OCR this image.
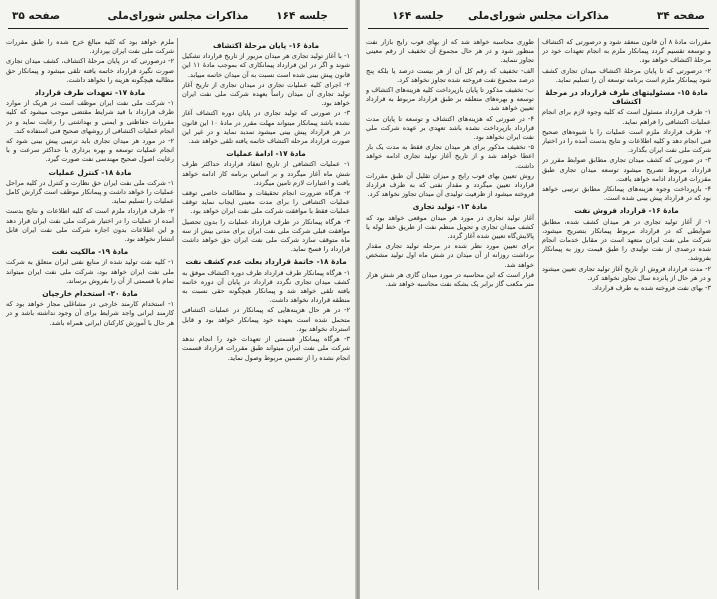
جلسه ۱۶۴
مذاکرات مجلس شورای‌ملی
صفحه ۳۵
مادۀ ۱۶- پایان مرحلۀ اکتشاف

۱- با آغاز تولید تجاری هر میدان مزبور از تاریخ قرارداد تشکیل شوند و اگر در این قرارداد پیمانکاری که بموجب مادۀ ۱۱ این قانون پیش بینی شده است نسبت به آن میدان خاتمه مییابد.

۲- اجرای کلیه عملیات تجاری در میدان تجاری از تاریخ آغاز تولید تجاری آن میدان راساً بعهده شرکت ملی نفت ایران خواهد بود.

۳- در صورتی که تولید تجاری در پایان دوره اکتشاف آغاز نشده باشد پیمانکار میتواند مهلت مقرر در مادۀ ۱۰ این قانون در هر قرارداد پیش بینی میشود تمدید نماید و در غیر این صورت قرارداد مرحله اکتشاف خاتمه یافته تلقی خواهد شد.

مادۀ ۱۷- ادامۀ عملیات

۱- عملیات اکتشافی از تاریخ انعقاد قرارداد حداکثر ظرف شش ماه آغاز میگردد و بر اساس برنامه کار ادامه خواهد یافت و اعتبارات لازم تامین میگردد.

۲- هرگاه ضرورت انجام تحقیقات و مطالعات خاصی توقف عملیات اکتشافی را برای مدت معینی ایجاب نماید توقف عملیات فقط با موافقت شرکت ملی نفت ایران خواهد بود.

۳- هرگاه پیمانکار در طرف قرارداد عملیات را بدون تحصیل موافقت قبلی شرکت ملی نفت ایران برای مدتی بیش از سه ماه متوقف سازد شرکت ملی نفت ایران حق خواهد داشت قرارداد را فسخ نماید.

مادۀ ۱۸- خاتمۀ قرارداد بعلت عدم کشف نفت

۱- هرگاه پیمانکار طرف قرارداد ظرف دوره اکتشاف موفق به کشف میدان تجاری نگردد قرارداد در پایان آن دوره خاتمه یافته تلقی خواهد شد و پیمانکار هیچگونه حقی نسبت به منطقه قرارداد نخواهد داشت.

۲- در هر حال هزینه‌هایی که پیمانکار در عملیات اکتشافی متحمل شده است بعهده خود پیمانکار خواهد بود و قابل استرداد نخواهد بود.

۳- هرگاه پیمانکار قسمتی از تعهدات خود را انجام ندهد شرکت ملی نفت ایران میتواند طبق مقررات قرارداد قسمت انجام نشده را از تضمین مربوط وصول نماید.

ملزم خواهد بود که کلیه مبالغ خرج شده را طبق مقررات شرکت ملی نفت ایران بپردازد.

۲- درصورتی که در پایان مرحلۀ اکتشاف، کشف میدان تجاری صورت نگیرد قرارداد خاتمه یافته تلقی میشود و پیمانکار حق مطالبه هیچگونه هزینه را نخواهد داشت.

مادۀ ۱۷- تعهدات طرف قرارداد

۱- شرکت ملی نفت ایران موظف است در هریک از موارد طرف قرارداد با قید شرایط مقتضی موجب میشود که کلیه مقررات حفاظتی و ایمنی و بهداشتی را رعایت نماید و در انجام عملیات اکتشافی از روشهای صحیح فنی استفاده کند.

۲- در مورد هر میدان تجاری باید ترتیبی پیش بینی شود که انجام عملیات توسعه و بهره برداری با حداکثر سرعت و با رعایت اصول صحیح مهندسی نفت صورت گیرد.

مادۀ ۱۸- کنترل عملیات

۱- شرکت ملی نفت ایران حق نظارت و کنترل در کلیه مراحل عملیات را خواهد داشت و پیمانکار موظف است گزارش کامل عملیات را تسلیم نماید.

۲- طرف قرارداد ملزم است که کلیه اطلاعات و نتایج بدست آمده از عملیات را در اختیار شرکت ملی نفت ایران قرار دهد و این اطلاعات بدون اجازه شرکت ملی نفت ایران قابل انتشار نخواهد بود.

مادۀ ۱۹- مالکیت نفت

۱- کلیه نفت تولید شده از منابع نفتی ایران متعلق به شرکت ملی نفت ایران خواهد بود، شرکت ملی نفت ایران میتواند تمام یا قسمتی از آن را بفروش برساند.

مادۀ ۲۰- استخدام خارجیان

۱- استخدام کارمند خارجی در مشاغلی مجاز خواهد بود که کارمند ایرانی واجد شرایط برای آن وجود نداشته باشد و در هر حال با آموزش کارکنان ایرانی همراه باشد.

صفحه ۳۴
مذاکرات مجلس شورای‌ملی
جلسه ۱۶۴

مقررات مادۀ ۸ آن قانون منعقد شود و درصورتی که اکتشاف و توسعه تقسیم گردد پیمانکار ملزم به انجام تعهدات خود در مرحلۀ اکتشاف خواهد بود.

۲- درصورتی که تا پایان مرحلۀ اکتشاف میدان تجاری کشف شود پیمانکار ملزم است برنامه توسعه آن را تسلیم نماید.

مادۀ ۱۵- مسئولیتهای طرف قرارداد در مرحلۀ اکتشاف

۱- طرف قرارداد مسئول است که کلیه وجوه لازم برای انجام عملیات اکتشافی را فراهم نماید.

۲- طرف قرارداد ملزم است عملیات را با شیوه‌های صحیح فنی انجام دهد و کلیه اطلاعات و نتایج بدست آمده را در اختیار شرکت ملی نفت ایران بگذارد.

۳- در صورتی که کشف میدان تجاری مطابق ضوابط مقرر در قرارداد مربوط تصریح میشود توسعه میدان تجاری طبق مقررات قرارداد ادامه خواهد یافت.

۴- بازپرداخت وجوه هزینه‌های پیمانکار مطابق ترتیبی خواهد بود که در قرارداد پیش بینی شده است.

مادۀ ۱۶- قرارداد فروش نفت

۱- از آغاز تولید تجاری در هر میدان کشف شده، مطابق ضوابطی که در قرارداد مربوط پیمانکار بتصریح میشود، شرکت ملی نفت ایران متعهد است در مقابل خدمات انجام شده درصدی از نفت تولیدی را طبق قیمت روز به پیمانکار بفروشد.

۲- مدت قرارداد فروش از تاریخ آغاز تولید تجاری تعیین میشود و در هر حال از پانزده سال تجاوز نخواهد کرد.

۳- بهای نفت فروخته شده به طرف قرارداد.

طوری محاسبه خواهد شد که از بهای فوب رایج بازار نفت منظور شود و در هر حال مجموع آن تخفیف از رقم معینی تجاوز ننماید.

الف- تخفیف که رقم کل آن از هر بیست درصد یا بلکه پنج درصد مجموع نفت فروخته شده تجاوز نخواهد کرد.

ب- تخفیف مذکور تا پایان بازپرداخت کلیه هزینه‌های اکتشاف و توسعه و بهره‌های متعلقه بر طبق قرارداد مربوط به قرارداد تعیین خواهد شد.

۴- در صورتی که هزینه‌های اکتشاف و توسعه تا پایان مدت قرارداد بازپرداخت نشده باشد تعهدی بر عهده شرکت ملی نفت ایران نخواهد بود.

۵- تخفیف مذکور برای هر میدان تجاری فقط به مدت یک بار اعطا خواهد شد و از تاریخ آغاز تولید تجاری ادامه خواهد داشت.

روش تعیین بهای فوب رایج و میزان تقلیل آن طبق مقررات قرارداد تعیین میگردد و مقدار نفتی که به طرف قرارداد فروخته میشود از ظرفیت تولیدی آن میدان تجاوز نخواهد کرد.

مادۀ ۱۳- تولید تجاری

آغاز تولید تجاری در مورد هر میدان موقعی خواهد بود که کشف میدان تجاری و تحویل منظم نفت از طریق خط لوله یا پالایش‌گاه تعیین شده آغاز گردد.

برای تعیین مورد نظر شده در مرحله تولید تجاری مقدار برداشت روزانه از آن میدان در شش ماه اول تولید مشخص خواهد شد.

قرار است که این محاسبه در مورد میدان گازی هر شش هزار متر مکعب گاز برابر یک بشکه نفت محاسبه خواهد شد.
